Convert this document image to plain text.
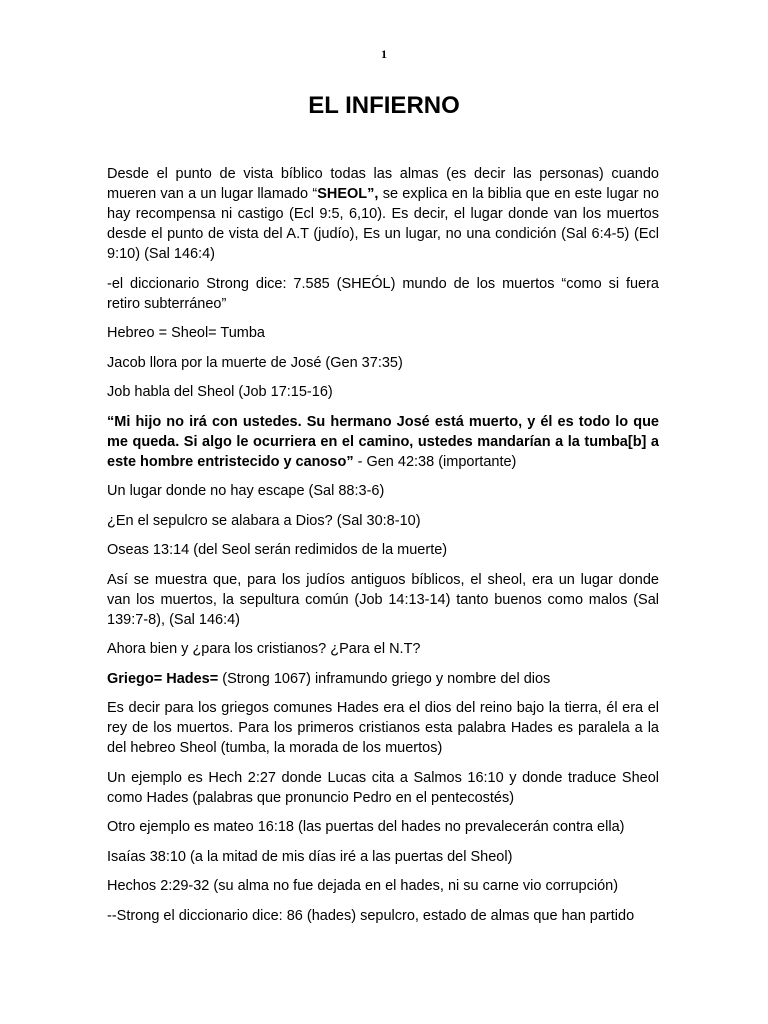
1
EL INFIERNO

Desde el punto de vista bíblico todas las almas (es decir las personas) cuando mueren van a un lugar llamado “SHEOL”, se explica en la biblia que en este lugar no hay recompensa ni castigo (Ecl 9:5, 6,10). Es decir, el lugar donde van los muertos desde el punto de vista del A.T (judío), Es un lugar, no una condición (Sal 6:4-5) (Ecl 9:10) (Sal 146:4)

-el diccionario Strong dice: 7.585 (SHEÓL) mundo de los muertos “como si fuera retiro subterráneo”

Hebreo = Sheol= Tumba

Jacob llora por la muerte de José (Gen 37:35)

Job habla del Sheol (Job 17:15-16)

“Mi hijo no irá con ustedes. Su hermano José está muerto, y él es todo lo que me queda. Si algo le ocurriera en el camino, ustedes mandarían a la tumba[b] a este hombre entristecido y canoso” - Gen 42:38 (importante)

Un lugar donde no hay escape (Sal 88:3-6)

¿En el sepulcro se alabara a Dios? (Sal 30:8-10)

Oseas 13:14 (del Seol serán redimidos de la muerte)

Así se muestra que, para los judíos antiguos bíblicos, el sheol, era un lugar donde van los muertos, la sepultura común (Job 14:13-14) tanto buenos como malos (Sal 139:7-8), (Sal 146:4)

Ahora bien y ¿para los cristianos? ¿Para el N.T?

Griego= Hades= (Strong 1067) inframundo griego y nombre del dios

Es decir para los griegos comunes Hades era el dios del reino bajo la tierra, él era el rey de los muertos. Para los primeros cristianos esta palabra Hades es paralela a la del hebreo Sheol (tumba, la morada de los muertos)

Un ejemplo es Hech 2:27 donde Lucas cita a Salmos 16:10 y donde traduce Sheol como Hades (palabras que pronuncio Pedro en el pentecostés)

Otro ejemplo es mateo 16:18 (las puertas del hades no prevalecerán contra ella)

Isaías 38:10 (a la mitad de mis días iré a las puertas del Sheol)

Hechos 2:29-32 (su alma no fue dejada en el hades, ni su carne vio corrupción)

--Strong el diccionario dice: 86 (hades) sepulcro, estado de almas que han partido
